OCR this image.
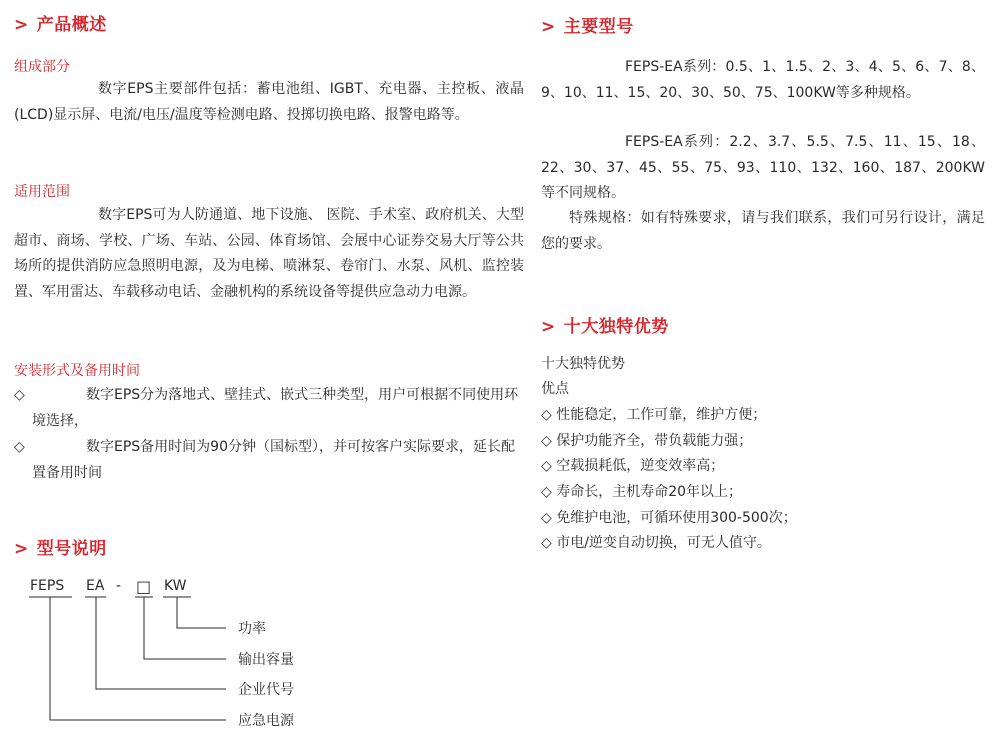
> 产品概述
组成部分
数字EPS主要部件包括：蓄电池组、IGBT、充电器、主控板、液晶(LCD)显示屏、电流/电压/温度等检测电路、投掷切换电路、报警电路等。
适用范围
数字EPS可为人防通道、地下设施、 医院、手术室、政府机关、大型超市、商场、学校、广场、车站、公园、体育场馆、会展中心证券交易大厅等公共场所的提供消防应急照明电源，及为电梯、喷淋泵、卷帘门、水泵、风机、监控装置、军用雷达、车载移动电话、金融机构的系统设备等提供应急动力电源。
安装形式及备用时间
◇	数字EPS分为落地式、壁挂式、嵌式三种类型，用户可根据不同使用环境选择，
◇	数字EPS备用时间为90分钟（国标型），并可按客户实际要求，延长配置备用时间
> 型号说明
FEPS EA - □ KW
功率
输出容量
企业代号
应急电源
> 主要型号
FEPS-EA系列：0.5、1、1.5、2、3、4、5、6、7、8、9、10、11、15、20、30、50、75、100KW等多种规格。
FEPS-EA系列：2.2、3.7、5.5、7.5、11、15、18、22、30、37、45、55、75、93、110、132、160、187、200KW等不同规格。
特殊规格：如有特殊要求，请与我们联系，我们可另行设计，满足您的要求。
> 十大独特优势
十大独特优势
优点
◇ 性能稳定，工作可靠，维护方便；
◇ 保护功能齐全，带负载能力强；
◇ 空载损耗低，逆变效率高；
◇ 寿命长，主机寿命20年以上；
◇ 免维护电池，可循环使用300-500次；
◇ 市电/逆变自动切换，可无人值守。
